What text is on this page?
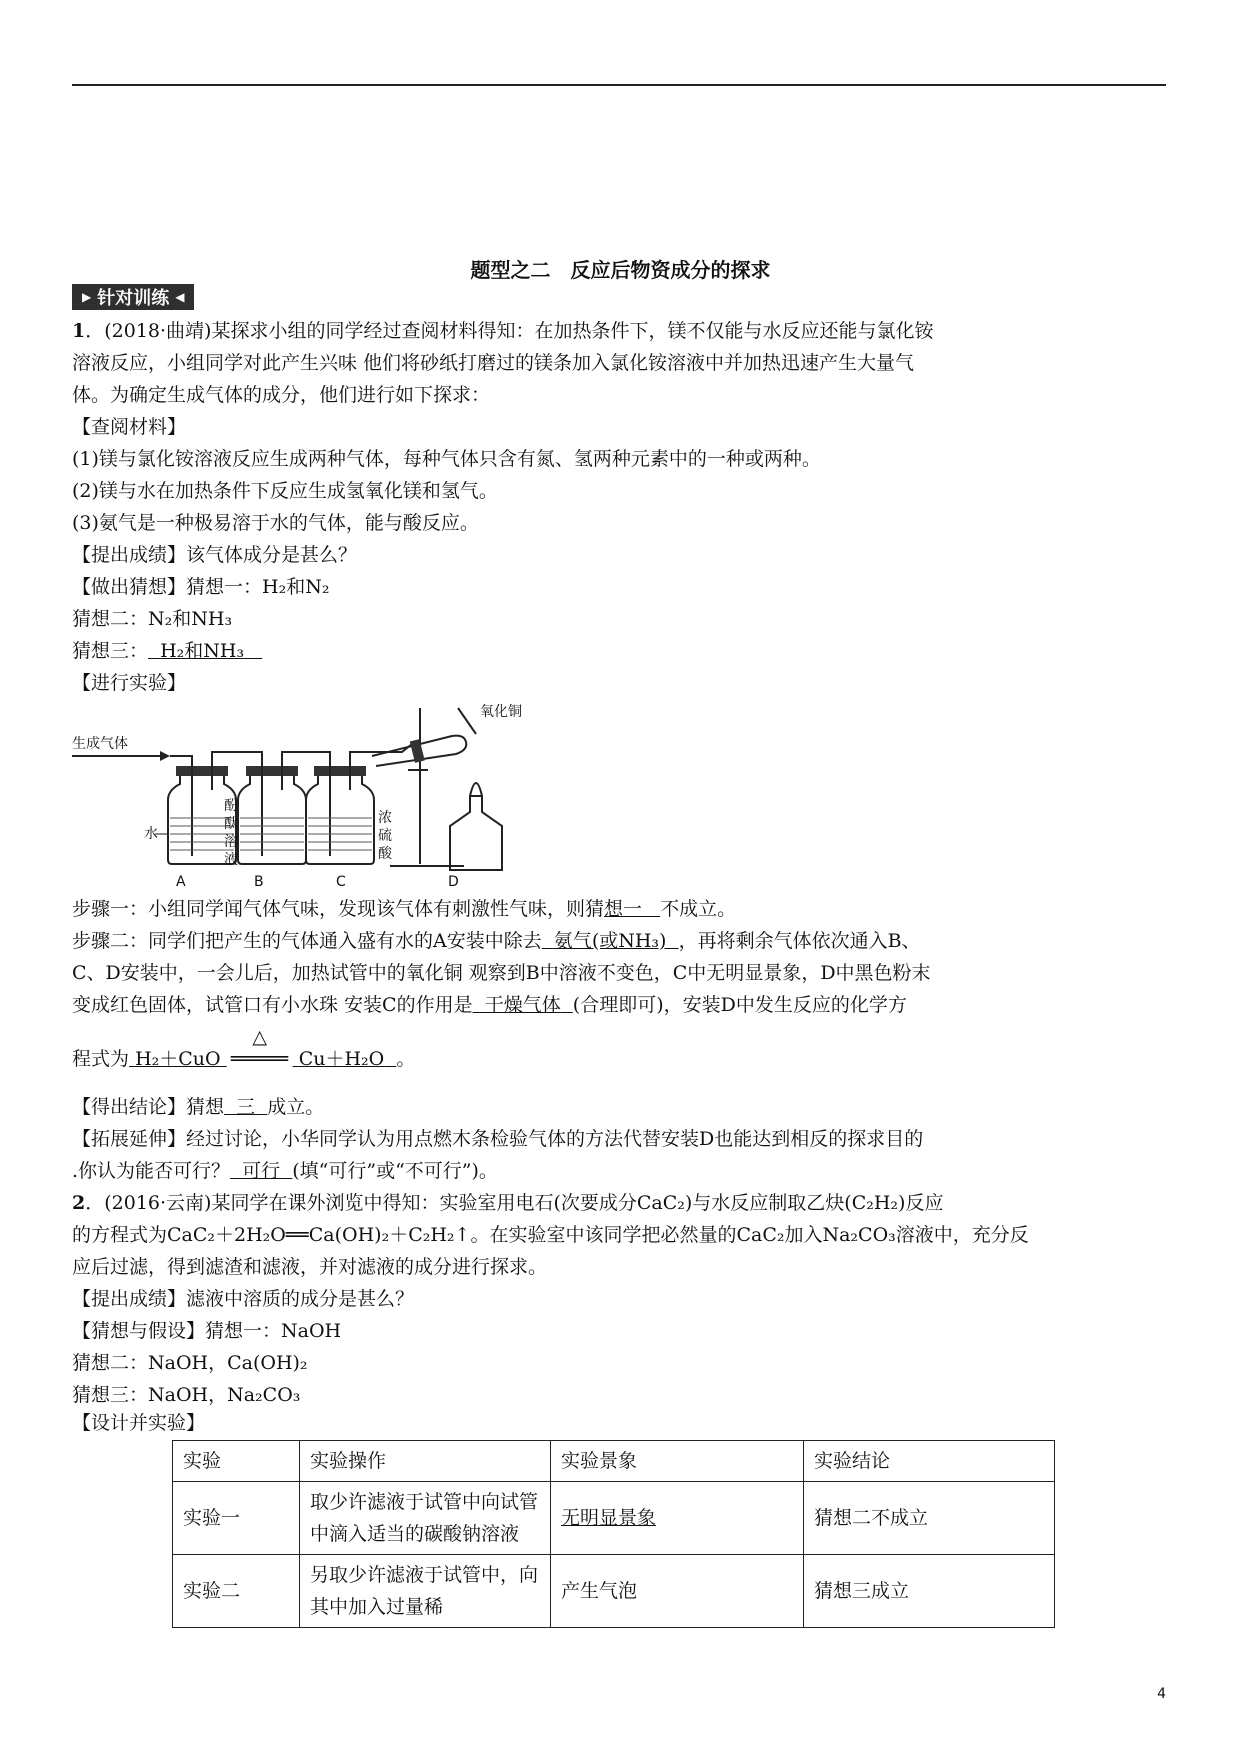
题型之二　反应后物资成分的探求
▶ 针对训练 ◀
1．(2018·曲靖)某探求小组的同学经过查阅材料得知：在加热条件下，镁不仅能与水反应还能与氯化铵
溶液反应，小组同学对此产生兴味 他们将砂纸打磨过的镁条加入氯化铵溶液中并加热迅速产生大量气
体。为确定生成气体的成分，他们进行如下探求：
【查阅材料】
(1)镁与氯化铵溶液反应生成两种气体，每种气体只含有氮、氢两种元素中的一种或两种。
(2)镁与水在加热条件下反应生成氢氧化镁和氢气。
(3)氨气是一种极易溶于水的气体，能与酸反应。
【提出成绩】该气体成分是甚么？
【做出猜想】猜想一：H₂和N₂
猜想二：N₂和NH₃
猜想三： H₂和NH₃
【进行实验】
生成气体
水
—
酚
酞
溶
液
浓
硫
酸
氧化铜
A	B	C	D
步骤一：小组同学闻气体气味，发现该气体有刺激性气味，则猜想一 不成立。
步骤二：同学们把产生的气体通入盛有水的A安装中除去 氨气(或NH₃) ，再将剩余气体依次通入B、
C、D安装中，一会儿后，加热试管中的氧化铜 观察到B中溶液不变色，C中无明显景象，D中黑色粉末
变成红色固体，试管口有小水珠 安装C的作用是 干燥气体 (合理即可)，安装D中发生反应的化学方
程式为 H₂＋CuO
△
═════ Cu＋H₂O 。
【得出结论】猜想 三 成立。
【拓展延伸】经过讨论，小华同学认为用点燃木条检验气体的方法代替安装D也能达到相反的探求目的
.你认为能否可行？ 可行 (填“可行”或“不可行”)。
2．(2016·云南)某同学在课外浏览中得知：实验室用电石(次要成分CaC₂)与水反应制取乙炔(C₂H₂)反应
的方程式为CaC₂＋2H₂O══Ca(OH)₂＋C₂H₂↑。在实验室中该同学把必然量的CaC₂加入Na₂CO₃溶液中，充分反
应后过滤，得到滤渣和滤液，并对滤液的成分进行探求。
【提出成绩】滤液中溶质的成分是甚么？
【猜想与假设】猜想一：NaOH
猜想二：NaOH，Ca(OH)₂
猜想三：NaOH，Na₂CO₃
【设计并实验】
实验	实验操作	实验景象	实验结论
实验一	取少许滤液于试管中向试管中滴入适当的碳酸钠溶液	无明显景象	猜想二不成立
实验二	另取少许滤液于试管中，向其中加入过量稀	产生气泡	猜想三成立
4
